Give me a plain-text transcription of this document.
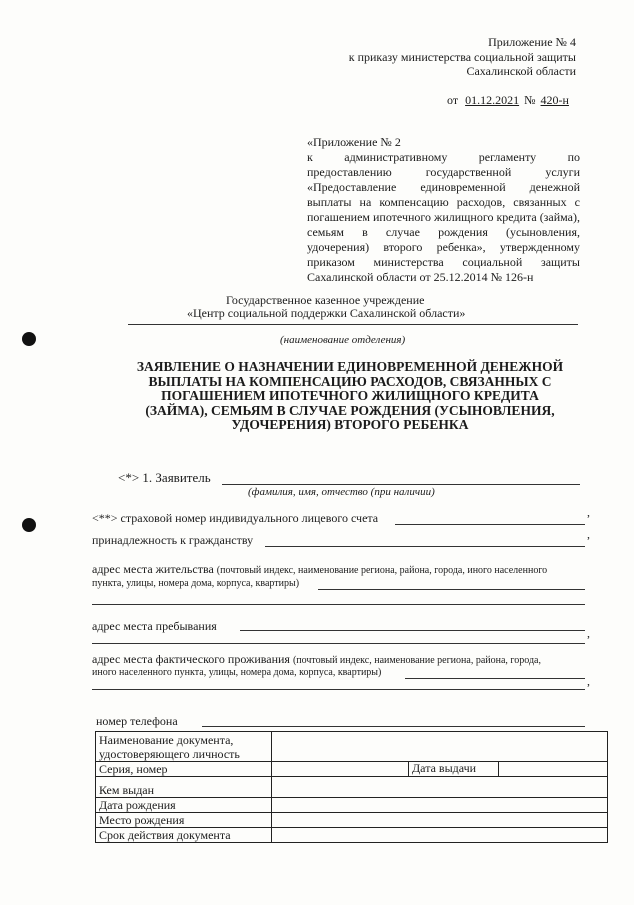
Приложение № 4
к приказу министерства социальной защиты
Сахалинской области
от 01.12.2021 № 420-н
«Приложение № 2
к административному регламенту по предоставлению государственной услуги «Предоставление единовременной денежной выплаты на компенсацию расходов, связанных с погашением ипотечного жилищного кредита (займа), семьям в случае рождения (усыновления, удочерения) второго ребенка», утвержденному приказом министерства социальной защиты Сахалинской области от 25.12.2014 № 126-н
Государственное казенное учреждение
«Центр социальной поддержки Сахалинской области»
(наименование отделения)
ЗАЯВЛЕНИЕ О НАЗНАЧЕНИИ ЕДИНОВРЕМЕННОЙ ДЕНЕЖНОЙ ВЫПЛАТЫ НА КОМПЕНСАЦИЮ РАСХОДОВ, СВЯЗАННЫХ С ПОГАШЕНИЕМ ИПОТЕЧНОГО ЖИЛИЩНОГО КРЕДИТА (ЗАЙМА), СЕМЬЯМ В СЛУЧАЕ РОЖДЕНИЯ (УСЫНОВЛЕНИЯ, УДОЧЕРЕНИЯ) ВТОРОГО РЕБЕНКА
<*> 1. Заявитель
(фамилия, имя, отчество (при наличии)
<**> страховой номер индивидуального лицевого счета	,
принадлежность к гражданству	,
адрес места жительства (почтовый индекс, наименование региона, района, города, иного населенного
пункта, улицы, номера дома, корпуса, квартиры)
адрес места пребывания	,
адрес места фактического проживания (почтовый индекс, наименование региона, района, города,
иного населенного пункта, улицы, номера дома, корпуса, квартиры)
,
номер телефона
Наименование документа,
удостоверяющего личность			
Серия, номер		Дата выдачи	
Кем выдан			
Дата рождения			
Место рождения			
Срок действия документа			
